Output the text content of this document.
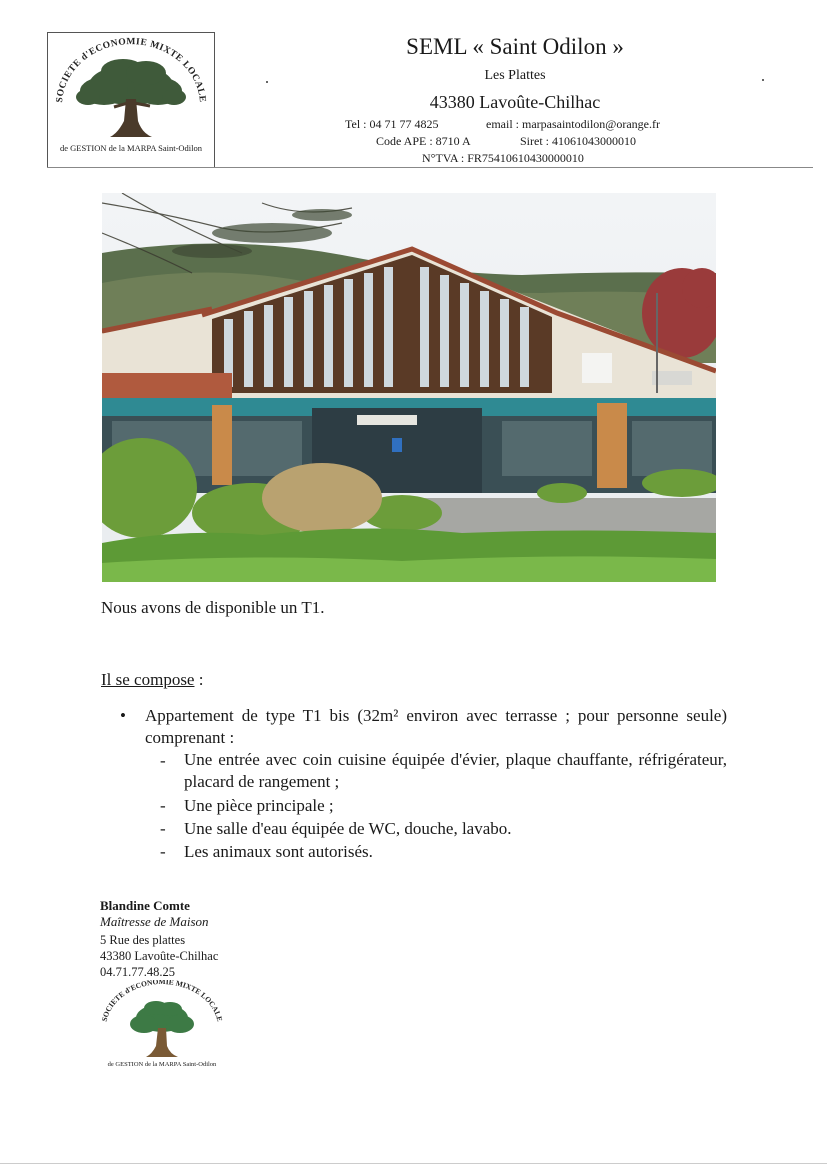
SOCIETE d'ECONOMIE MIXTE LOCALE
de GESTION de la MARPA Saint-Odilon
SEML « Saint Odilon »
Les Plattes
43380 Lavoûte-Chilhac
Tel : 04 71 77 4825	email : marpasaintodilon@orange.fr
Code APE : 8710 A	Siret : 41061043000010
N°TVA : FR75410610430000010
Nous avons de disponible un T1.
Il se compose :
• Appartement de type T1 bis (32m² environ avec terrasse ; pour personne seule) comprenant :
- Une entrée avec coin cuisine équipée d'évier, plaque chauffante, réfrigérateur, placard de rangement ;
- Une pièce principale ;
- Une salle d'eau équipée de WC, douche, lavabo.
- Les animaux sont autorisés.
Blandine Comte
Maîtresse de Maison
5 Rue des plattes
43380 Lavoûte-Chilhac
04.71.77.48.25
SOCIETE d'ECONOMIE MIXTE LOCALE
de GESTION de la MARPA Saint-Odilon
